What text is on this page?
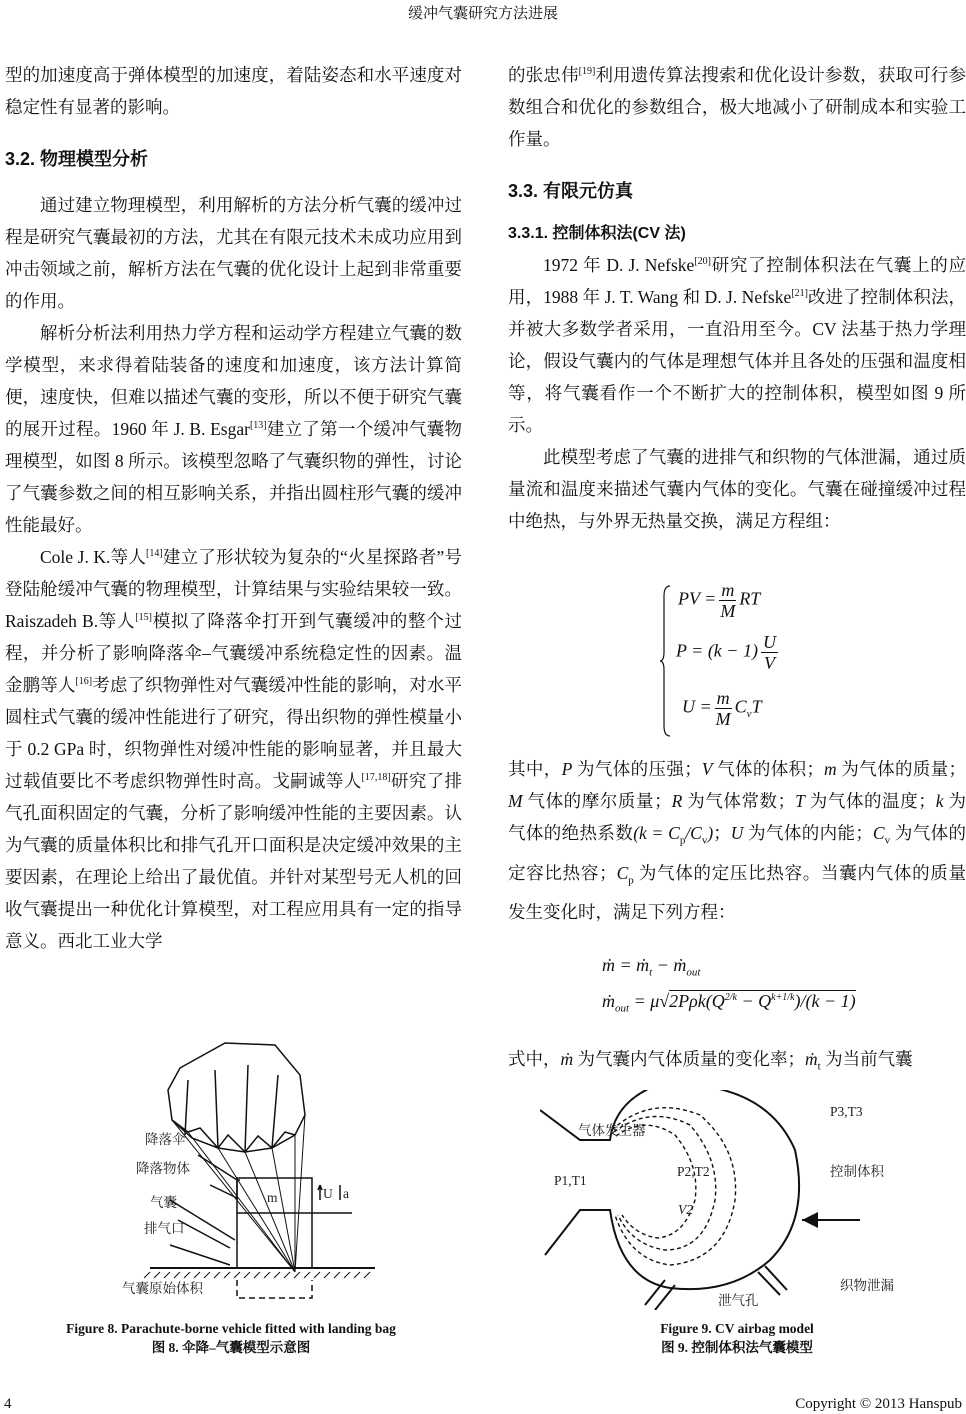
缓冲气囊研究方法进展

型的加速度高于弹体模型的加速度，着陆姿态和水平速度对稳定性有显著的影响。

3.2. 物理模型分析

通过建立物理模型，利用解析的方法分析气囊的缓冲过程是研究气囊最初的方法，尤其在有限元技术未成功应用到冲击领域之前，解析方法在气囊的优化设计上起到非常重要的作用。

解析分析法利用热力学方程和运动学方程建立气囊的数学模型，来求得着陆装备的速度和加速度，该方法计算简便，速度快，但难以描述气囊的变形，所以不便于研究气囊的展开过程。1960 年 J. B. Esgar[13]建立了第一个缓冲气囊物理模型，如图 8 所示。该模型忽略了气囊织物的弹性，讨论了气囊参数之间的相互影响关系，并指出圆柱形气囊的缓冲性能最好。

Cole J. K.等人[14]建立了形状较为复杂的“火星探路者”号登陆舱缓冲气囊的物理模型，计算结果与实验结果较一致。Raiszadeh B.等人[15]模拟了降落伞打开到气囊缓冲的整个过程，并分析了影响降落伞–气囊缓冲系统稳定性的因素。温金鹏等人[16]考虑了织物弹性对气囊缓冲性能的影响，对水平圆柱式气囊的缓冲性能进行了研究，得出织物的弹性模量小于 0.2 GPa 时，织物弹性对缓冲性能的影响显著，并且最大过载值要比不考虑织物弹性时高。戈嗣诚等人[17,18]研究了排气孔面积固定的气囊，分析了影响缓冲性能的主要因素。认为气囊的质量体积比和排气孔开口面积是决定缓冲效果的主要因素，在理论上给出了最优值。并针对某型号无人机的回收气囊提出一种优化计算模型，对工程应用具有一定的指导意义。西北工业大学

的张忠伟[19]利用遗传算法搜索和优化设计参数，获取可行参数组合和优化的参数组合，极大地减小了研制成本和实验工作量。

3.3. 有限元仿真

3.3.1. 控制体积法(CV 法)

1972 年 D. J. Nefske[20]研究了控制体积法在气囊上的应用，1988 年 J. T. Wang 和 D. J. Nefske[21]改进了控制体积法，并被大多数学者采用，一直沿用至今。CV 法基于热力学理论，假设气囊内的气体是理想气体并且各处的压强和温度相等，将气囊看作一个不断扩大的控制体积，模型如图 9 所示。

此模型考虑了气囊的进排气和织物的气体泄漏，通过质量流和温度来描述气囊内气体的变化。气囊在碰撞缓冲过程中绝热，与外界无热量交换，满足方程组：

PV = $\frac{m}{M}$ RT
$P = (k - 1) \frac{U}{V}$
$U = \frac{m}{M} C_vT$

其中，P 为气体的压强；V 气体的体积；m 为气体的质量；M 气体的摩尔质量；R 为气体常数；T 为气体的温度；k 为气体的绝热系数$(k = C_p/C_v)$；U 为气体的内能；$C_v$ 为气体的定容比热容；$C_p$ 为气体的定压比热容。当囊内气体的质量发生变化时，满足下列方程：

ṁ = ṁ$_t$ − ṁ$_{out}$
ṁ$_{out}$ = $\mu√2P\rho k(Q^{2/k} - Q^{k+1/k})/(k - 1)$

式中，ṁ 为气囊内气体质量的变化率；ṁ$_t$ 为当前气囊

降落伞
降落物体
气囊
排气口
气囊原始体积
m	U a
P3,T3
气体发生器
P1,T1
P2,T2
V2
控制体积
织物泄漏
泄气孔
Figure 8. Parachute-borne vehicle fitted with landing bag
图 8. 伞降–气囊模型示意图
Figure 9. CV airbag model
图 9. 控制体积法气囊模型
4	Copyright © 2013 Hanspub
